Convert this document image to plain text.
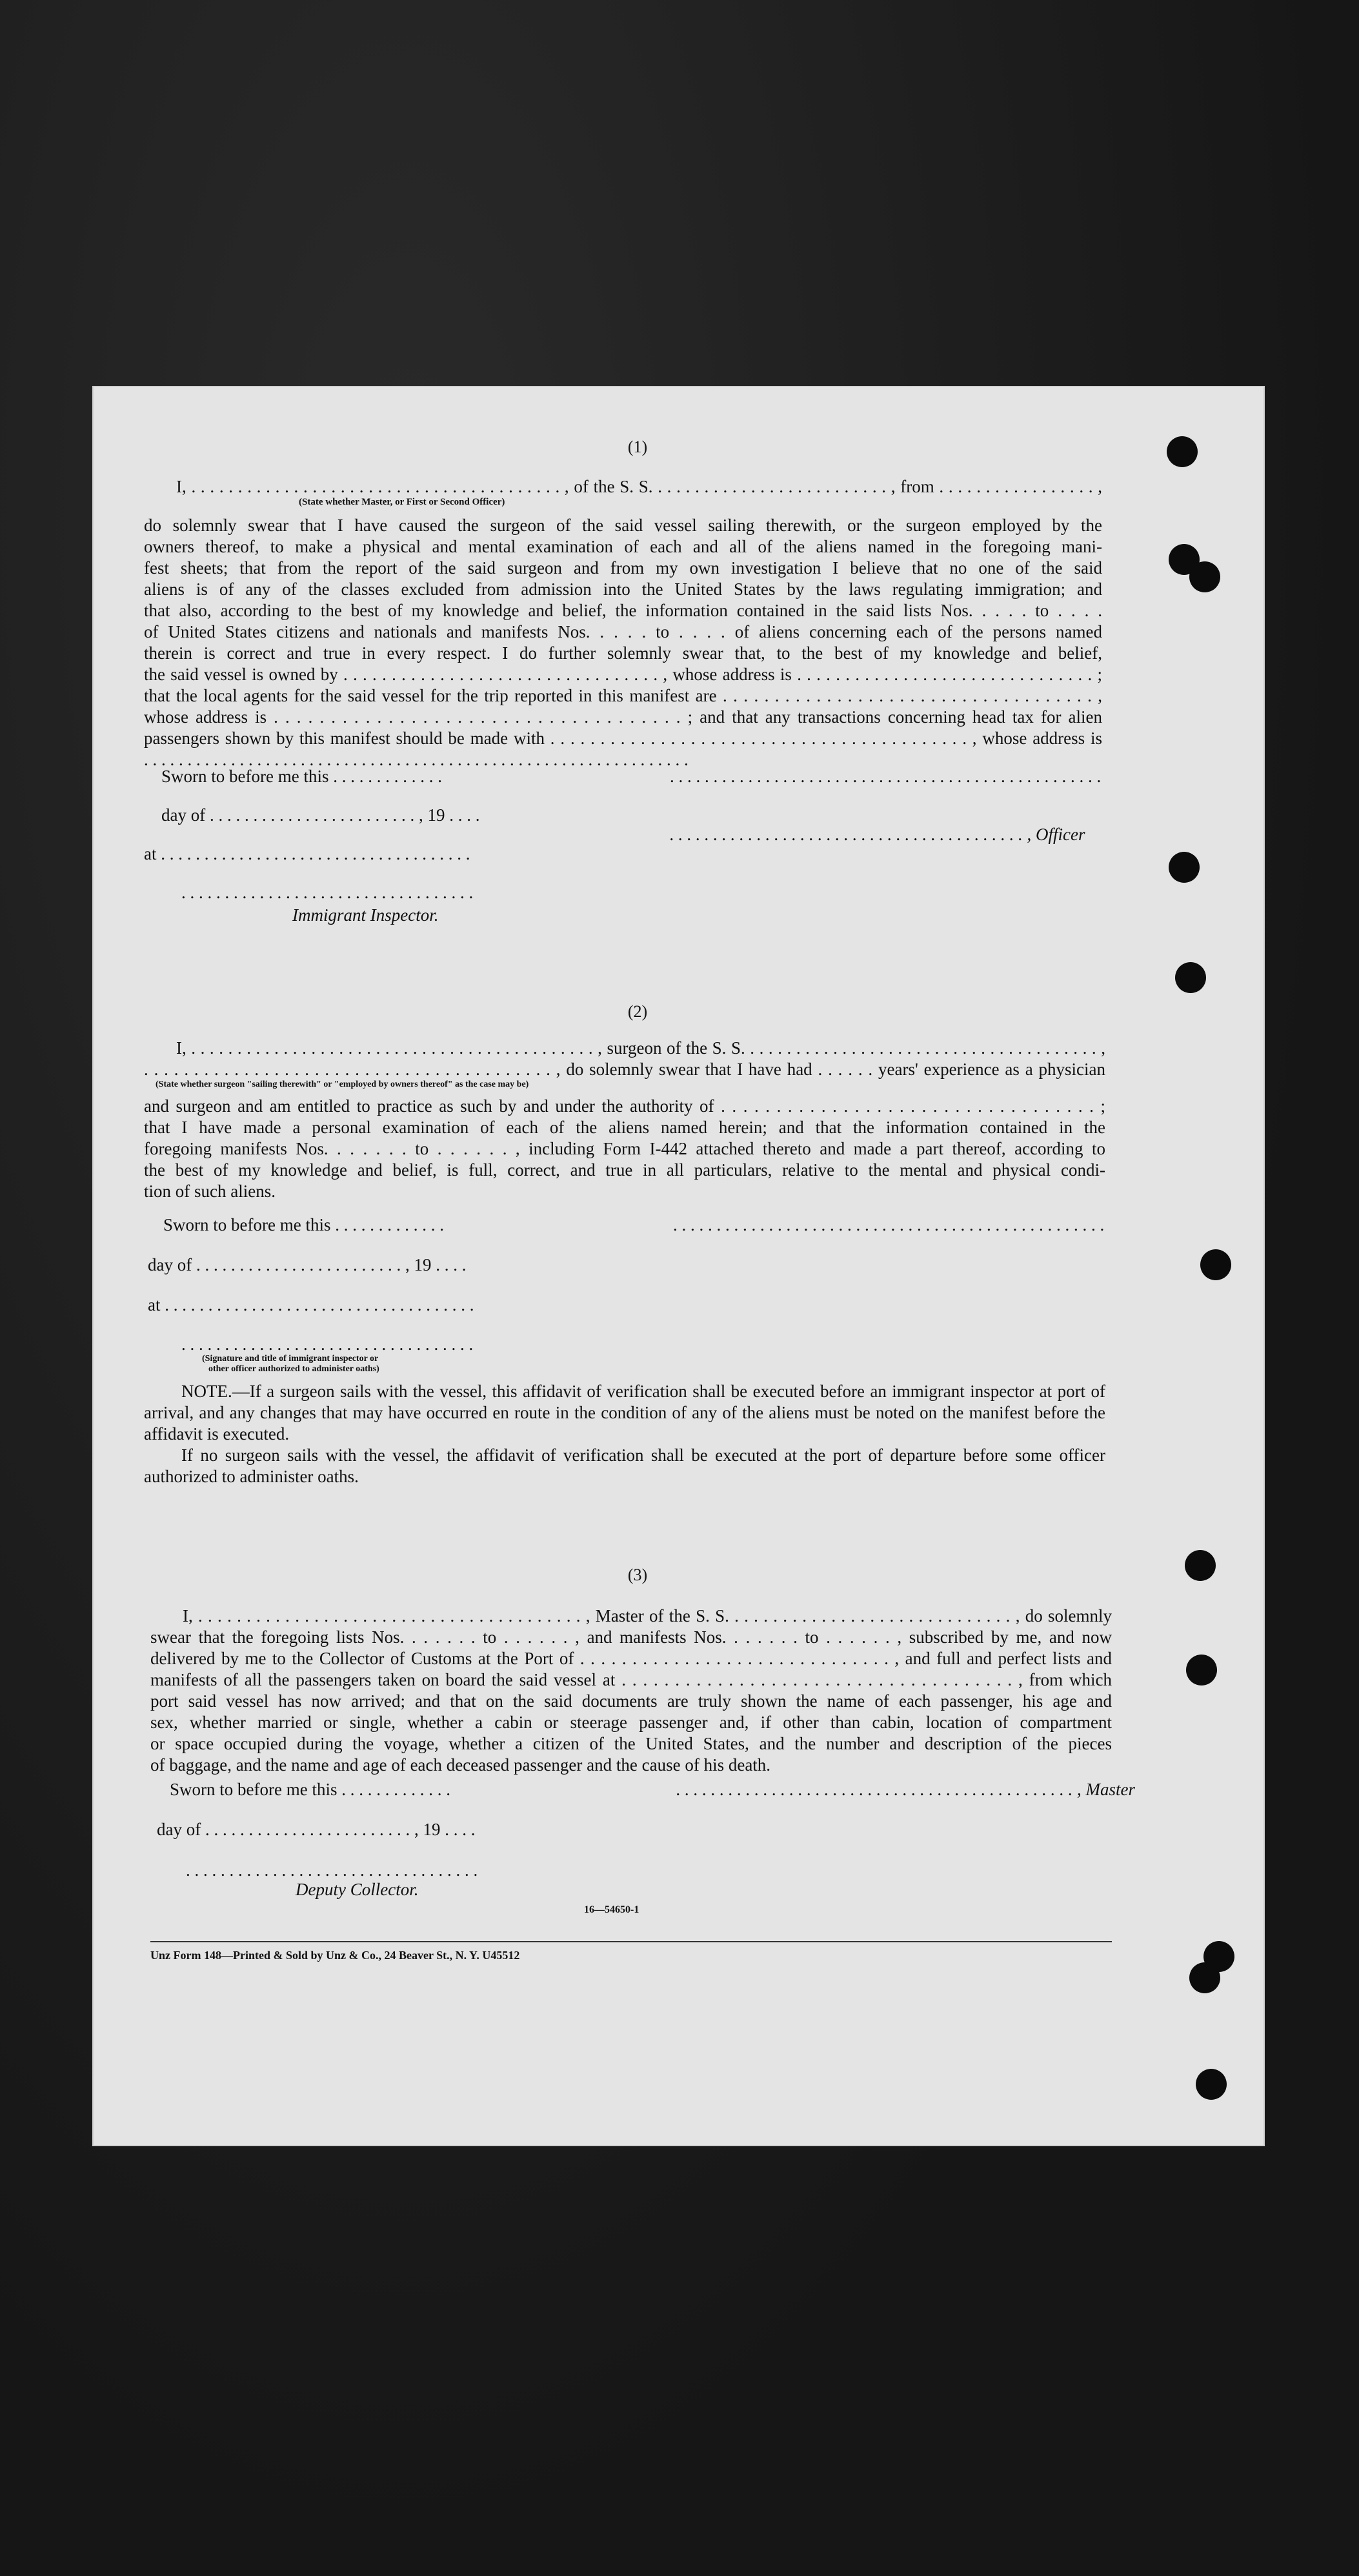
(1)

I, . . . . . . . . . . . . . . . . . . . . . . . . . . . . . . . . . . . . . . . . , of the S. S. . . . . . . . . . . . . . . . . . . . . . . . . . , from . . . . . . . . . . . . . . . . . ,

(State whether Master, or First or Second Officer)

do solemnly swear that I have caused the surgeon of the said vessel sailing therewith, or the surgeon employed by the

owners thereof, to make a physical and mental examination of each and all of the aliens named in the foregoing mani-

fest sheets; that from the report of the said surgeon and from my own investigation I believe that no one of the said

aliens is of any of the classes excluded from admission into the United States by the laws regulating immigration; and

that also, according to the best of my knowledge and belief, the information contained in the said lists Nos. . . . . to . . . .

of United States citizens and nationals and manifests Nos. . . . . to . . . . of aliens concerning each of the persons named

therein is correct and true in every respect. I do further solemnly swear that, to the best of my knowledge and belief,

the said vessel is owned by . . . . . . . . . . . . . . . . . . . . . . . . . . . . . . . . . , whose address is . . . . . . . . . . . . . . . . . . . . . . . . . . . . . . . ;

that the local agents for the said vessel for the trip reported in this manifest are . . . . . . . . . . . . . . . . . . . . . . . . . . . . . . . . . . . . ,

whose address is . . . . . . . . . . . . . . . . . . . . . . . . . . . . . . . . . . . . ; and that any transactions concerning head tax for alien

passengers shown by this manifest should be made with . . . . . . . . . . . . . . . . . . . . . . . . . . . . . . . . . . . . . . . . . . , whose address is

. . . . . . . . . . . . . . . . . . . . . . . . . . . . . . . . . . . . . . . . . . . . . . . . . . . . . . . . . . . . . . .

Sworn to before me this . . . . . . . . . . . . .	. . . . . . . . . . . . . . . . . . . . . . . . . . . . . . . . . . . . . . . . . . . . . . . . . .
day of . . . . . . . . . . . . . . . . . . . . . . . . , 19 . . . .
. . . . . . . . . . . . . . . . . . . . . . . . . . . . . . . . . . . . . . . . . , Officer
at . . . . . . . . . . . . . . . . . . . . . . . . . . . . . . . . . . . .
. . . . . . . . . . . . . . . . . . . . . . . . . . . . . . . . . .
Immigrant Inspector.

(2)

I, . . . . . . . . . . . . . . . . . . . . . . . . . . . . . . . . . . . . . . . . . . . . , surgeon of the S. S. . . . . . . . . . . . . . . . . . . . . . . . . . . . . . . . . . . . . . . ,

. . . . . . . . . . . . . . . . . . . . . . . . . . . . . . . . . . . . . . . . . , do solemnly swear that I have had . . . . . . years' experience as a physician

(State whether surgeon "sailing therewith" or "employed by owners thereof" as the case may be)

and surgeon and am entitled to practice as such by and under the authority of . . . . . . . . . . . . . . . . . . . . . . . . . . . . . . . . . . ;

that I have made a personal examination of each of the aliens named herein; and that the information contained in the

foregoing manifests Nos. . . . . . . to . . . . . . , including Form I-442 attached thereto and made a part thereof, according to

the best of my knowledge and belief, is full, correct, and true in all particulars, relative to the mental and physical condi-

tion of such aliens.

Sworn to before me this . . . . . . . . . . . . .	. . . . . . . . . . . . . . . . . . . . . . . . . . . . . . . . . . . . . . . . . . . . . . . . . .
day of . . . . . . . . . . . . . . . . . . . . . . . . , 19 . . . .
at . . . . . . . . . . . . . . . . . . . . . . . . . . . . . . . . . . . .
. . . . . . . . . . . . . . . . . . . . . . . . . . . . . . . . . .
(Signature and title of immigrant inspector or
other officer authorized to administer oaths)

NOTE.—If a surgeon sails with the vessel, this affidavit of verification shall be executed before an immigrant inspector at port of arrival, and any changes that may have occurred en route in the condition of any of the aliens must be noted on the manifest before the affidavit is executed.

If no surgeon sails with the vessel, the affidavit of verification shall be executed at the port of departure before some officer authorized to administer oaths.

(3)

I, . . . . . . . . . . . . . . . . . . . . . . . . . . . . . . . . . . . . . . . . , Master of the S. S. . . . . . . . . . . . . . . . . . . . . . . . . . . . . . , do solemnly

swear that the foregoing lists Nos. . . . . . . to . . . . . . , and manifests Nos. . . . . . . to . . . . . . , subscribed by me, and now

delivered by me to the Collector of Customs at the Port of . . . . . . . . . . . . . . . . . . . . . . . . . . . . . . , and full and perfect lists and

manifests of all the passengers taken on board the said vessel at . . . . . . . . . . . . . . . . . . . . . . . . . . . . . . . . . . . . . , from which

port said vessel has now arrived; and that on the said documents are truly shown the name of each passenger, his age and

sex, whether married or single, whether a cabin or steerage passenger and, if other than cabin, location of compartment

or space occupied during the voyage, whether a citizen of the United States, and the number and description of the pieces

of baggage, and the name and age of each deceased passenger and the cause of his death.

Sworn to before me this . . . . . . . . . . . . .	. . . . . . . . . . . . . . . . . . . . . . . . . . . . . . . . . . . . . . . . . . . . . . , Master
day of . . . . . . . . . . . . . . . . . . . . . . . . , 19 . . . .
. . . . . . . . . . . . . . . . . . . . . . . . . . . . . . . . . .
Deputy Collector.
16—54650-1
Unz Form 148—Printed & Sold by Unz & Co., 24 Beaver St., N. Y. U45512
